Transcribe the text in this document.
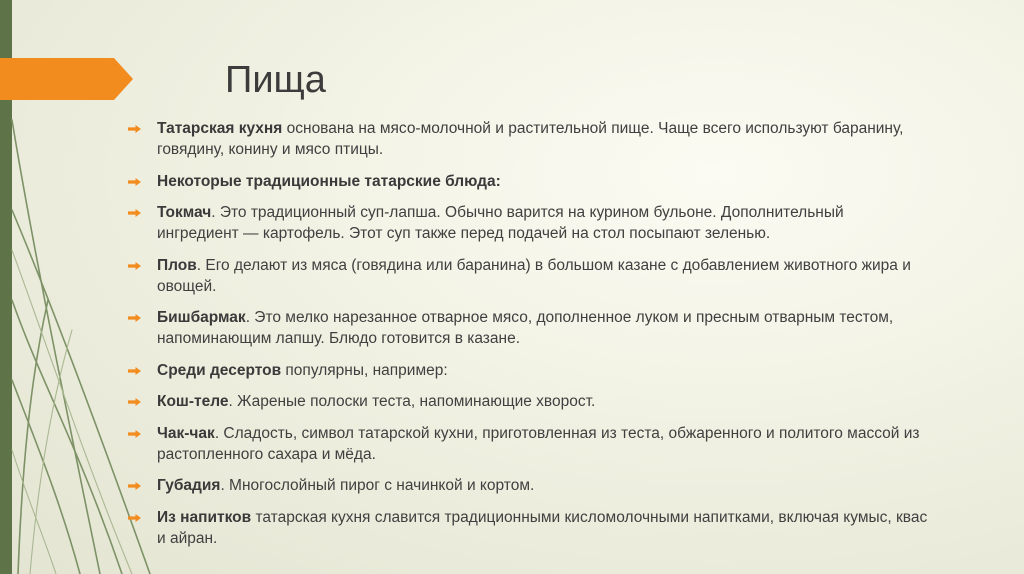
Пища
Татарская кухня основана на мясо-молочной и растительной пище. Чаще всего используют баранину, говядину, конину и мясо птицы.
Некоторые традиционные татарские блюда:
Токмач. Это традиционный суп-лапша. Обычно варится на курином бульоне. Дополнительный ингредиент — картофель. Этот суп также перед подачей на стол посыпают зеленью.
Плов. Его делают из мяса (говядина или баранина) в большом казане с добавлением животного жира и овощей.
Бишбармак. Это мелко нарезанное отварное мясо, дополненное луком и пресным отварным тестом, напоминающим лапшу. Блюдо готовится в казане.
Среди десертов популярны, например:
Кош-теле. Жареные полоски теста, напоминающие хворост.
Чак-чак. Сладость, символ татарской кухни, приготовленная из теста, обжаренного и политого массой из растопленного сахара и мёда.
Губадия. Многослойный пирог с начинкой и кортом.
Из напитков татарская кухня славится традиционными кисломолочными напитками, включая кумыс, квас и айран.
